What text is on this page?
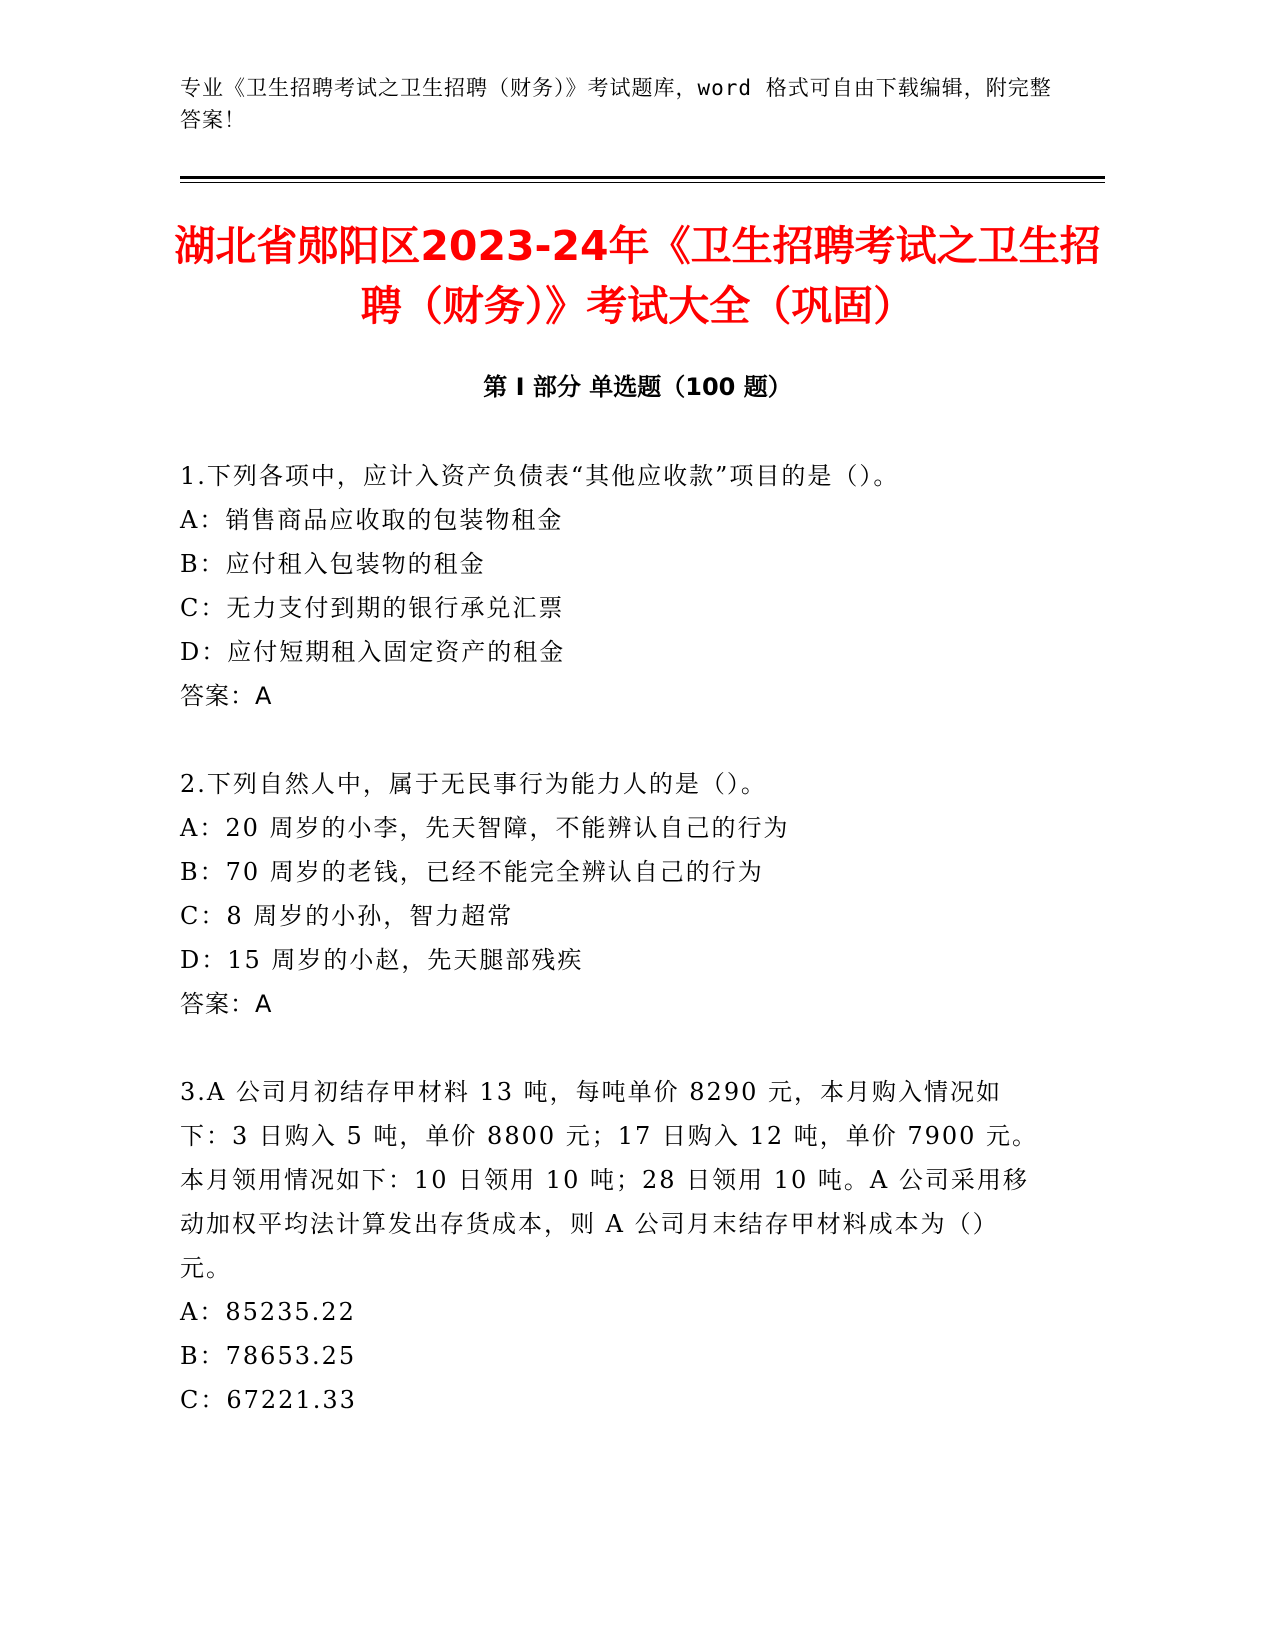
专业《卫生招聘考试之卫生招聘（财务）》考试题库，word 格式可自由下载编辑，附完整答案！
湖北省郧阳区2023-24年《卫生招聘考试之卫生招聘（财务）》考试大全（巩固）
第 I 部分 单选题（100 题）
1.下列各项中，应计入资产负债表“其他应收款”项目的是（）。
A：销售商品应收取的包装物租金
B：应付租入包装物的租金
C：无力支付到期的银行承兑汇票
D：应付短期租入固定资产的租金
答案：A
2.下列自然人中，属于无民事行为能力人的是（）。
A：20 周岁的小李，先天智障，不能辨认自己的行为
B：70 周岁的老钱，已经不能完全辨认自己的行为
C：8 周岁的小孙，智力超常
D：15 周岁的小赵，先天腿部残疾
答案：A
3.A 公司月初结存甲材料 13 吨，每吨单价 8290 元，本月购入情况如下：3 日购入 5 吨，单价 8800 元；17 日购入 12 吨，单价 7900 元。本月领用情况如下：10 日领用 10 吨；28 日领用 10 吨。A 公司采用移动加权平均法计算发出存货成本，则 A 公司月末结存甲材料成本为（）元。
A：85235.22
B：78653.25
C：67221.33
